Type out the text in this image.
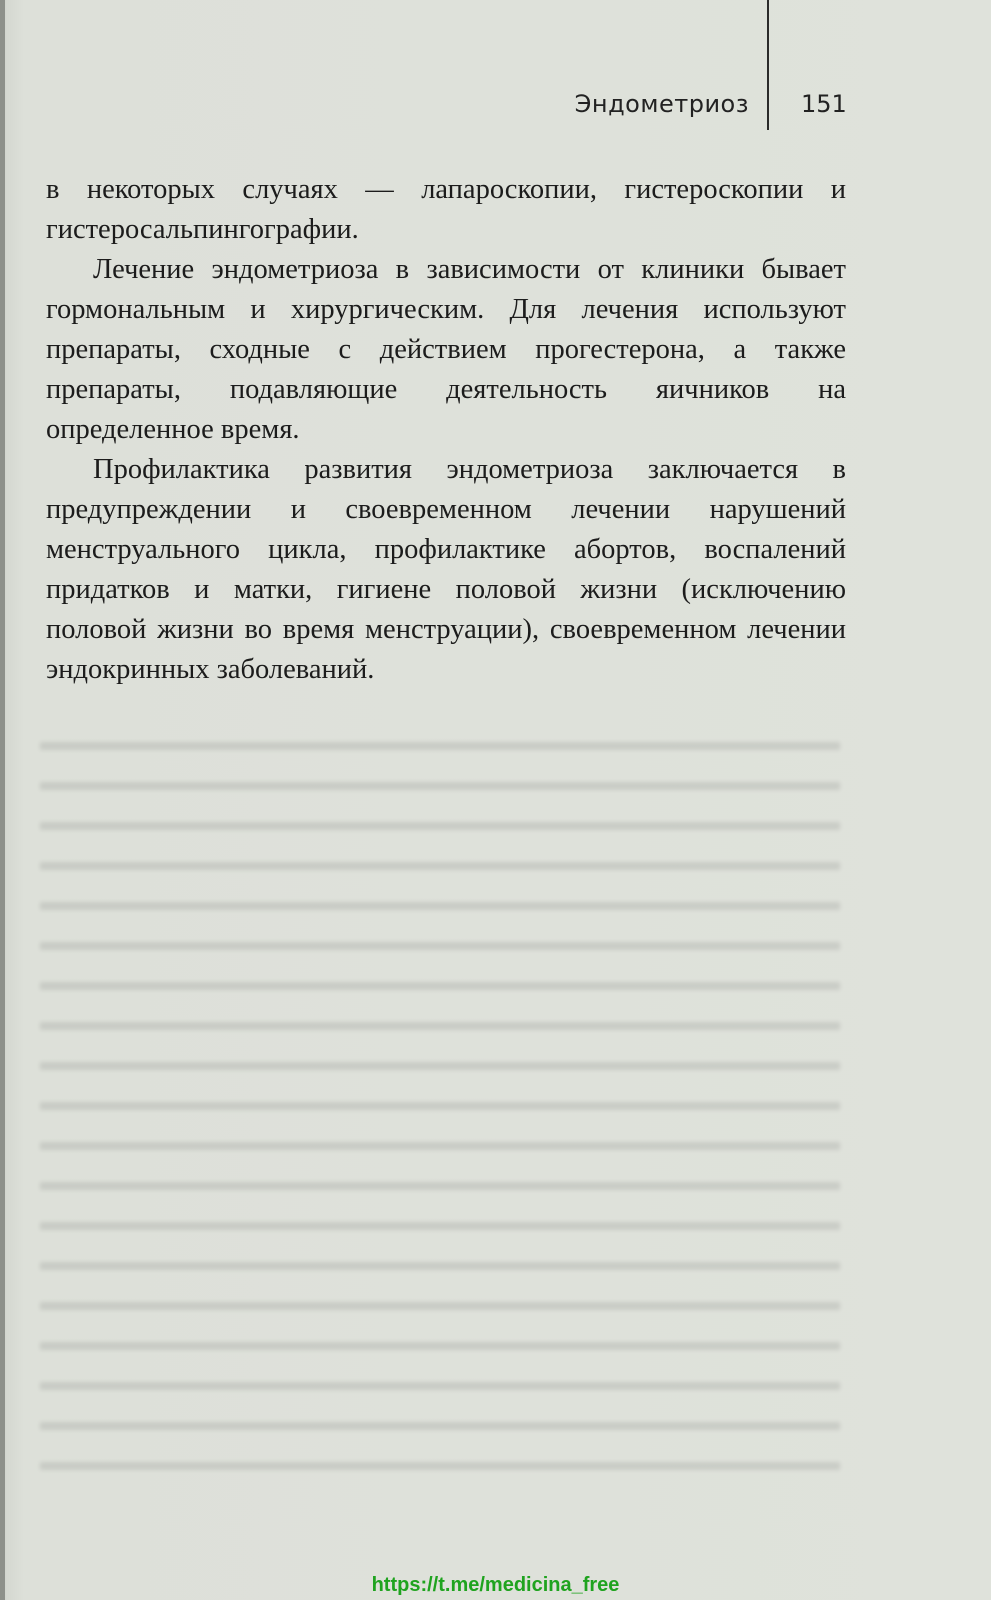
Эндометриоз 151

в некоторых случаях — лапароскопии, гистероскопии и гистеросальпингографии.

Лечение эндометриоза в зависимости от клиники бывает гормональным и хирургическим. Для лечения используют препараты, сходные с действием прогестерона, а также препараты, подавляющие деятельность яичников на определенное время.

Профилактика развития эндометриоза заключается в предупреждении и своевременном лечении нарушений менструального цикла, профилактике абортов, воспалений придатков и матки, гигиене половой жизни (исключению половой жизни во время менструации), своевременном лечении эндокринных заболеваний.

https://t.me/medicina_free
